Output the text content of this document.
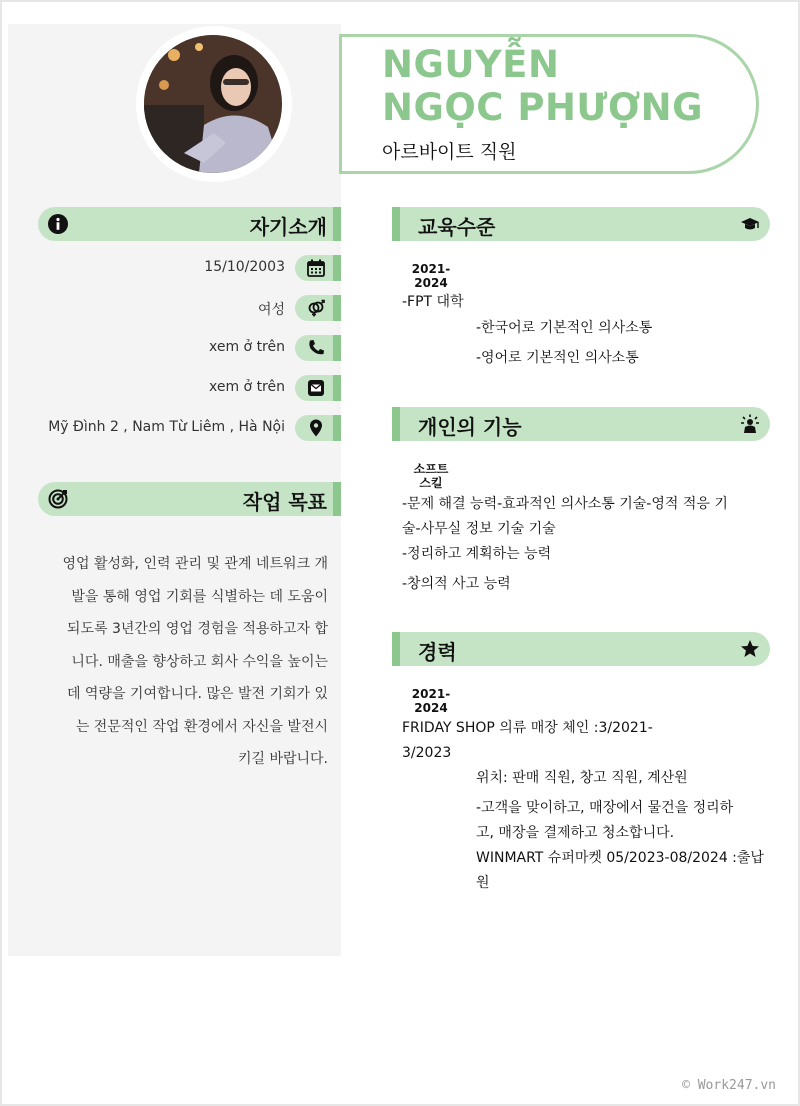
NGUYỄN
NGỌC PHƯỢNG
아르바이트 직원
자기소개
15/10/2003
여성
xem ở trên
xem ở trên
Mỹ Đình 2 , Nam Từ Liêm , Hà Nội
작업 목표
영업 활성화, 인력 관리 및 관계 네트워크 개
발을 통해 영업 기회를 식별하는 데 도움이
되도록 3년간의 영업 경험을 적용하고자 합
니다. 매출을 향상하고 회사 수익을 높이는
데 역량을 기여합니다. 많은 발전 기회가 있
는 전문적인 작업 환경에서 자신을 발전시
키길 바랍니다.
교육수준
2021-
2024
-FPT 대학
-한국어로 기본적인 의사소통
-영어로 기본적인 의사소통
개인의 기능
소프트
스킬
-문제 해결 능력-효과적인 의사소통 기술-영적 적응 기
술-사무실 정보 기술 기술
-정리하고 계획하는 능력
-창의적 사고 능력
경력
2021-
2024
FRIDAY SHOP 의류 매장 체인 :3/2021-
3/2023
위치: 판매 직원, 창고 직원, 계산원
-고객을 맞이하고, 매장에서 물건을 정리하
고, 매장을 결제하고 청소합니다.
WINMART 슈퍼마켓 05/2023-08/2024 :출납
원
© Work247.vn
